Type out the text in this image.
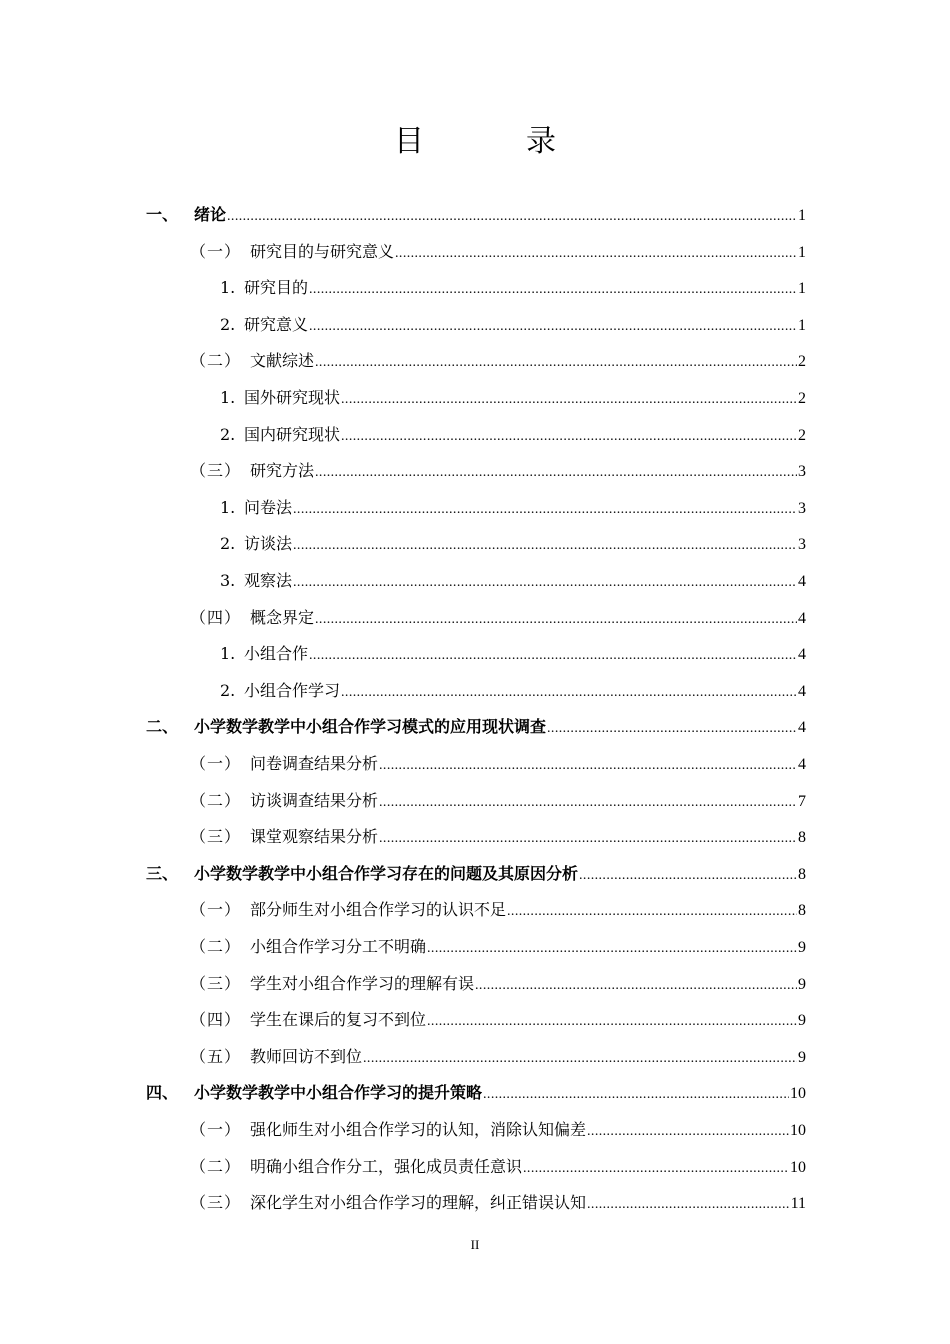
目　录
一、 绪论 .....	1
（一） 研究目的与研究意义 .....	1
1. 研究目的 .....	1
2. 研究意义 .....	1
（二） 文献综述 .....	2
1. 国外研究现状 .....	2
2. 国内研究现状 .....	2
（三） 研究方法 .....	3
1. 问卷法 .....	3
2. 访谈法 .....	3
3. 观察法 .....	4
（四） 概念界定 .....	4
1. 小组合作 .....	4
2. 小组合作学习 .....	4
二、 小学数学教学中小组合作学习模式的应用现状调查 .....	4
（一） 问卷调查结果分析 .....	4
（二） 访谈调查结果分析 .....	7
（三） 课堂观察结果分析 .....	8
三、 小学数学教学中小组合作学习存在的问题及其原因分析 .....	8
（一） 部分师生对小组合作学习的认识不足 .....	8
（二） 小组合作学习分工不明确 .....	9
（三） 学生对小组合作学习的理解有误 .....	9
（四） 学生在课后的复习不到位 .....	9
（五） 教师回访不到位 .....	9
四、 小学数学教学中小组合作学习的提升策略 .....	10
（一） 强化师生对小组合作学习的认知，消除认知偏差 .....	10
（二） 明确小组合作分工，强化成员责任意识 .....	10
（三） 深化学生对小组合作学习的理解，纠正错误认知 .....	11
II
